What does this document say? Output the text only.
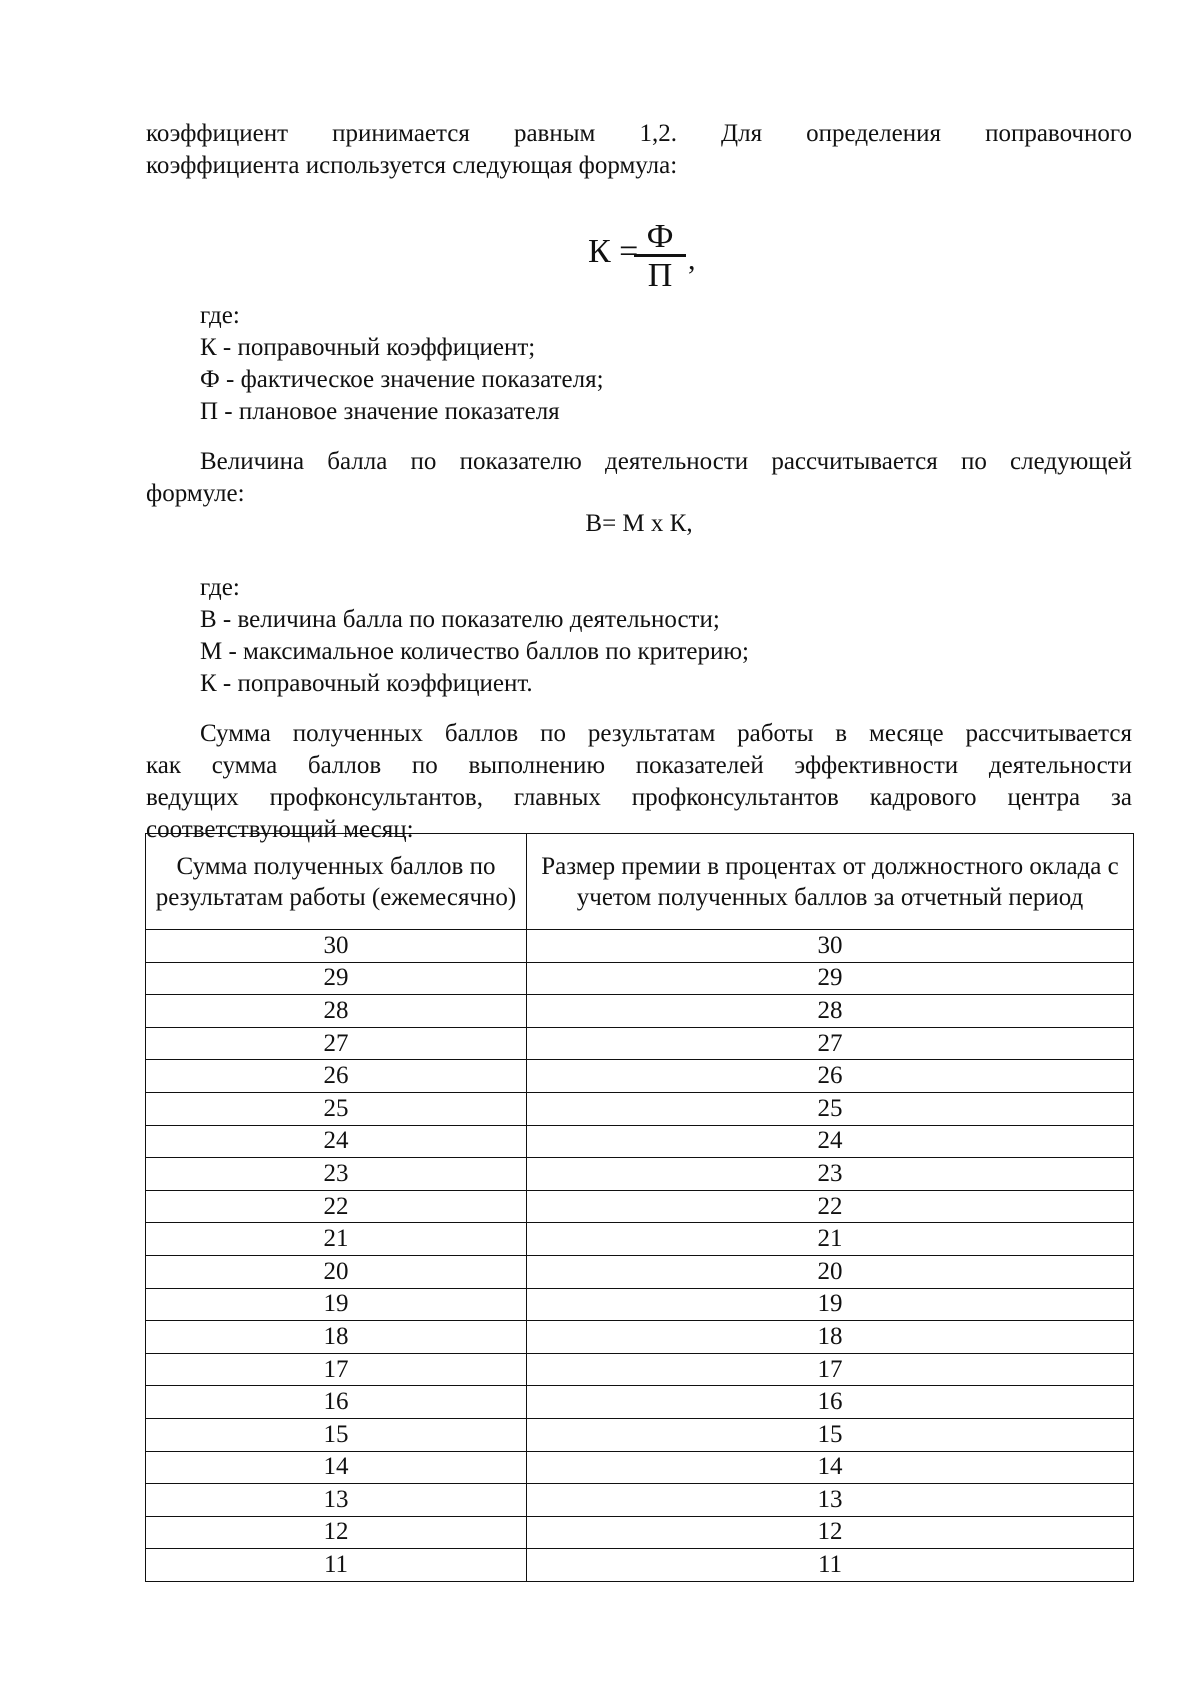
коэффициент принимается равным 1,2. Для определения поправочного
коэффициента используется следующая формула:
К = Ф
П ,

где:

К - поправочный коэффициент;

Ф - фактическое значение показателя;

П - плановое значение показателя

Величина балла по показателю деятельности рассчитывается по следующей
формуле:

В= М х К,

где:

В - величина балла по показателю деятельности;

М - максимальное количество баллов по критерию;

К - поправочный коэффициент.

Сумма полученных баллов по результатам работы в месяце рассчитывается
как сумма баллов по выполнению показателей эффективности деятельности
ведущих профконсультантов, главных профконсультантов кадрового центра за
соответствующий месяц:
Сумма полученных баллов по результатам работы (ежемесячно)	Размер премии в процентах от должностного оклада с учетом полученных баллов за отчетный период
30	30
29	29
28	28
27	27
26	26
25	25
24	24
23	23
22	22
21	21
20	20
19	19
18	18
17	17
16	16
15	15
14	14
13	13
12	12
11	11
